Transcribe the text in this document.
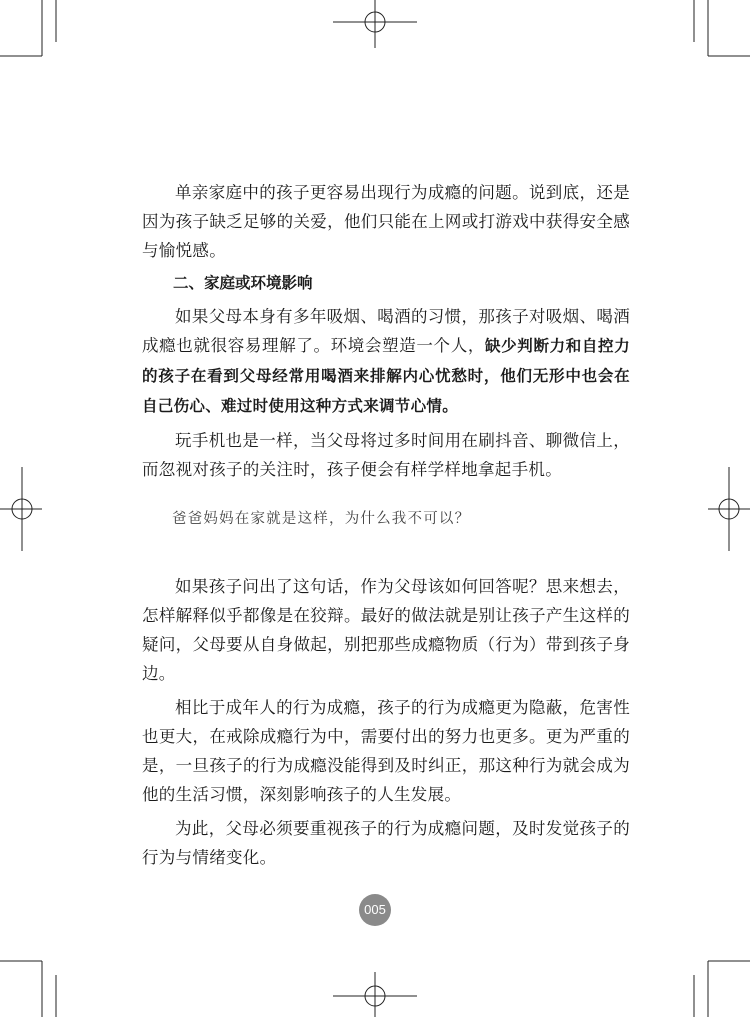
单亲家庭中的孩子更容易出现行为成瘾的问题。说到底，还是因为孩子缺乏足够的关爱，他们只能在上网或打游戏中获得安全感与愉悦感。

二、家庭或环境影响

如果父母本身有多年吸烟、喝酒的习惯，那孩子对吸烟、喝酒成瘾也就很容易理解了。环境会塑造一个人，缺少判断力和自控力的孩子在看到父母经常用喝酒来排解内心忧愁时，他们无形中也会在自己伤心、难过时使用这种方式来调节心情。

玩手机也是一样，当父母将过多时间用在刷抖音、聊微信上，而忽视对孩子的关注时，孩子便会有样学样地拿起手机。

爸爸妈妈在家就是这样，为什么我不可以？

如果孩子问出了这句话，作为父母该如何回答呢？思来想去，怎样解释似乎都像是在狡辩。最好的做法就是别让孩子产生这样的疑问，父母要从自身做起，别把那些成瘾物质（行为）带到孩子身边。

相比于成年人的行为成瘾，孩子的行为成瘾更为隐蔽，危害性也更大，在戒除成瘾行为中，需要付出的努力也更多。更为严重的是，一旦孩子的行为成瘾没能得到及时纠正，那这种行为就会成为他的生活习惯，深刻影响孩子的人生发展。

为此，父母必须要重视孩子的行为成瘾问题，及时发觉孩子的行为与情绪变化。

005
